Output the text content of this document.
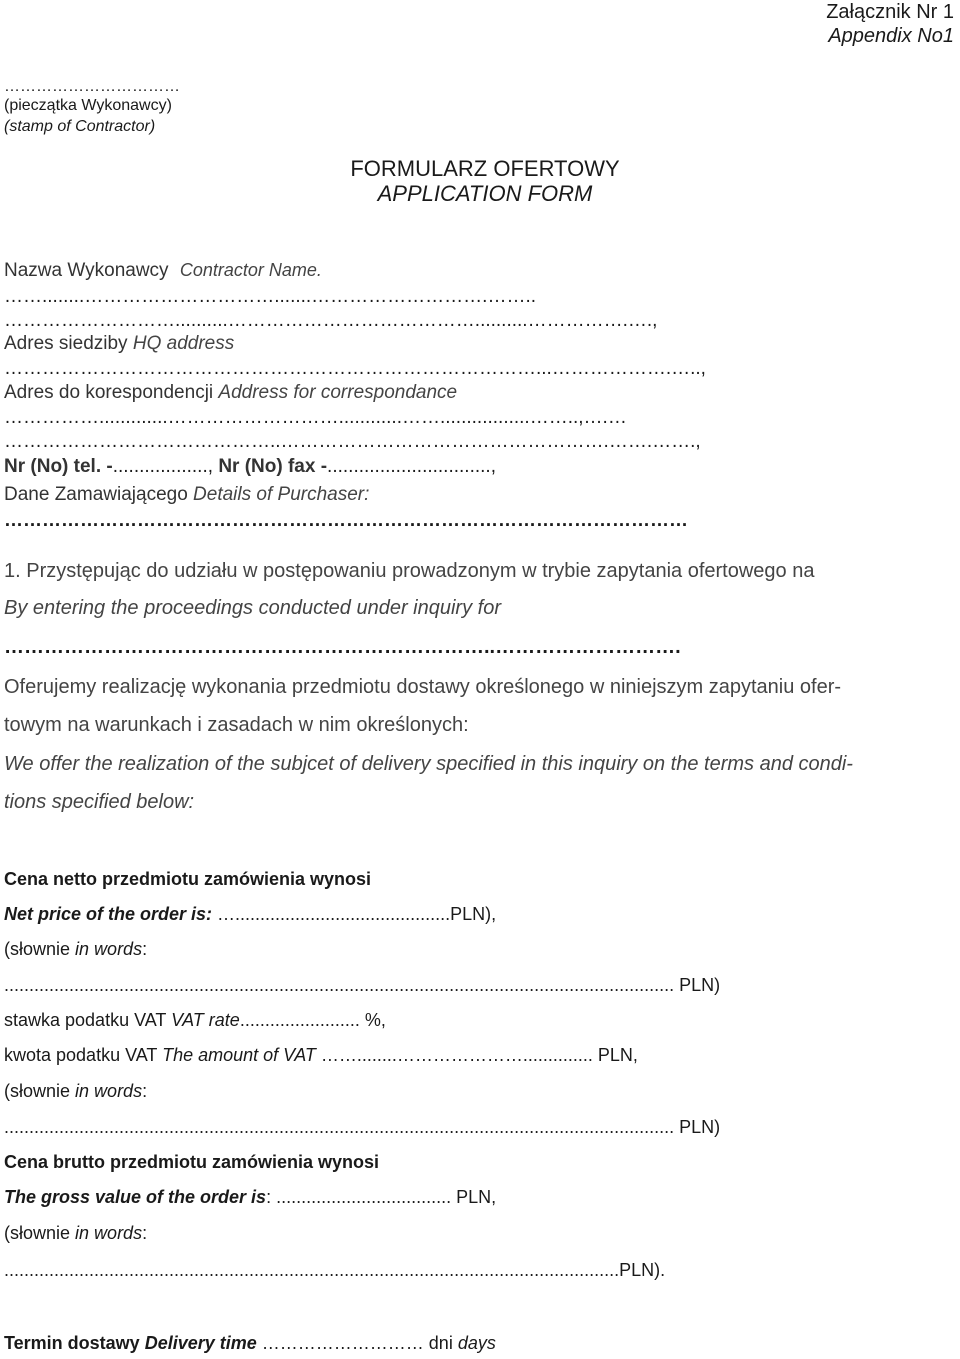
Załącznik Nr 1
Appendix No1
……………………………
(pieczątka Wykonawcy)
(stamp of Contractor)
FORMULARZ OFERTOWY
APPLICATION FORM
Nazwa Wykonawcy Contractor Name.
……........………………………….......……………………….……..
………………………..........…………………………………..........…………….….,
Adres siedziby HQ address
…………………………………………………………………………...……………….…..,
Adres do korespondencji Address for correspondance
…………….............………………………............…….................……..,….…
……………………………………..…………………………………………….…….…….,
Nr (No) tel. -.................., Nr (No) fax -...............................,
Dane Zamawiającego Details of Purchaser:
………………………………………………………………………………………………
1. Przystępując do udziału w postępowaniu prowadzonym w trybie zapytania ofertowego na
By entering the proceedings conducted under inquiry for
………………………………………………………………..……………………….
Oferujemy realizację wykonania przedmiotu dostawy określonego w niniejszym zapytaniu ofer-
towym na warunkach i zasadach w nim określonych:
We offer the realization of the subjcet of delivery specified in this inquiry on the terms and condi-
tions specified below:
Cena netto przedmiotu zamówienia wynosi
Net price of the order is: …...........................................PLN),
(słownie in words:
...................................................................................................................................... PLN)
stawka podatku VAT VAT rate........................ %,
kwota podatku VAT The amount of VAT ……........………………….............. PLN,
(słownie in words:
...................................................................................................................................... PLN)
Cena brutto przedmiotu zamówienia wynosi
The gross value of the order is: ................................... PLN,
(słownie in words:
...........................................................................................................................PLN).
Termin dostawy Delivery time ……………………… dni days
